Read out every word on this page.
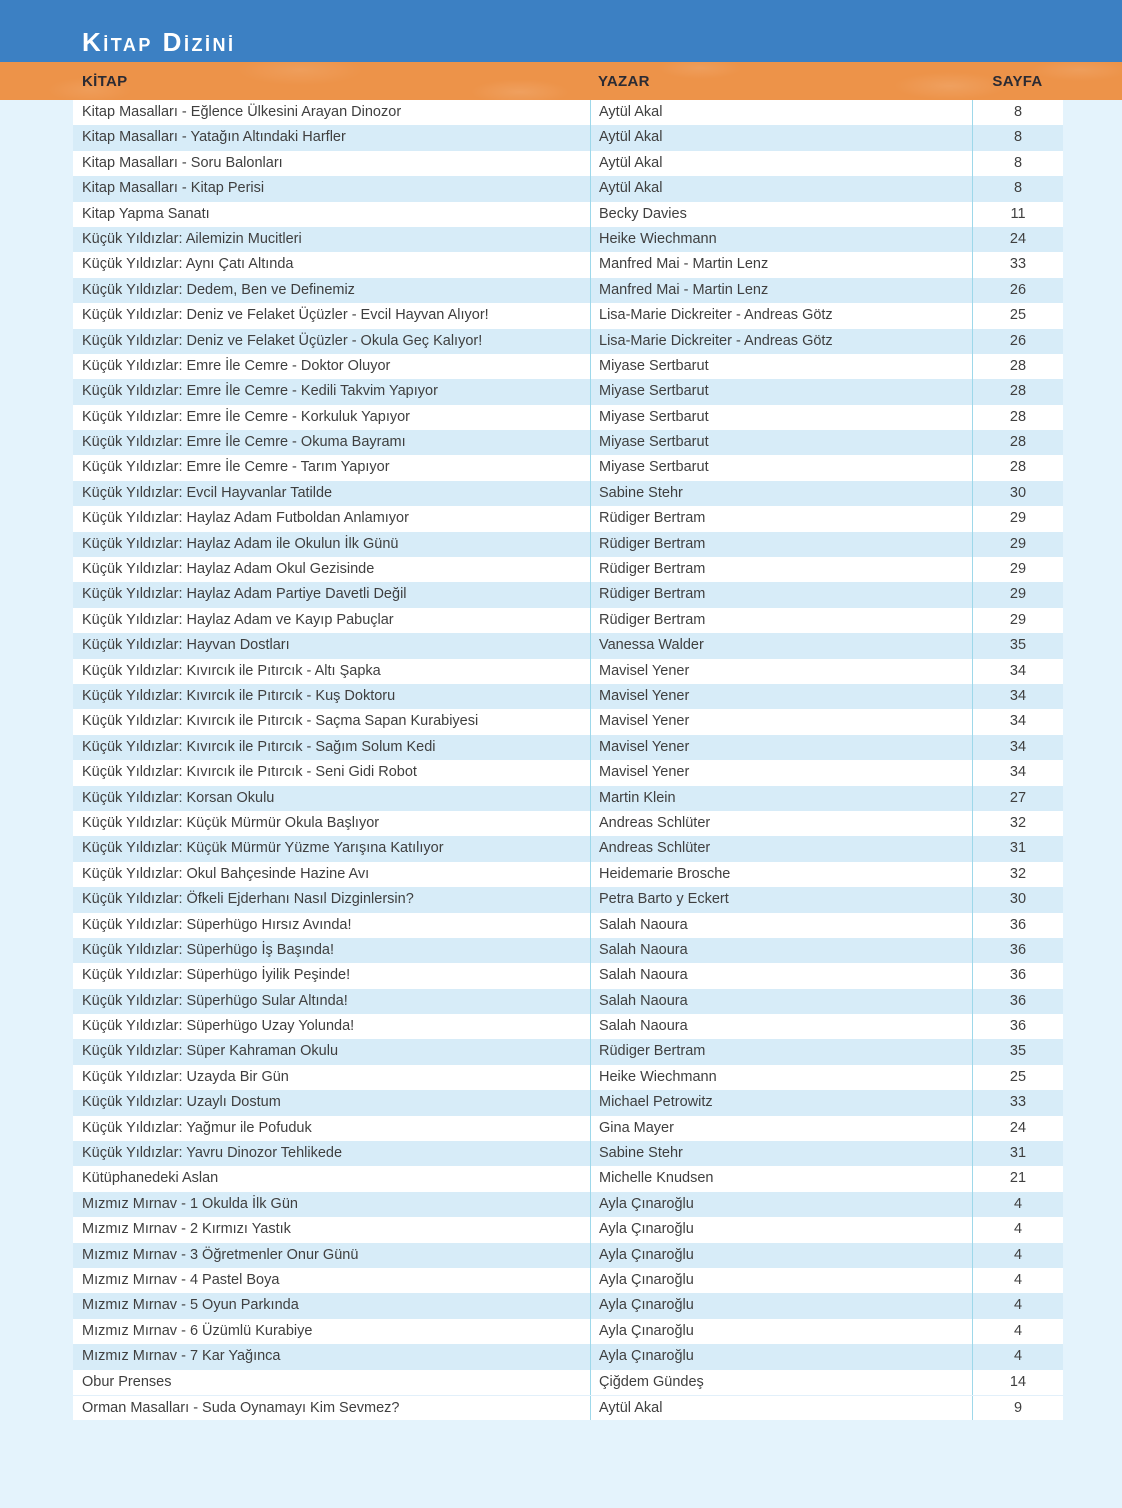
Kitap Dizini
KİTAP	YAZAR	SAYFA
Kitap Masalları - Eğlence Ülkesini Arayan Dinozor	Aytül Akal	8
Kitap Masalları - Yatağın Altındaki Harfler	Aytül Akal	8
Kitap Masalları - Soru Balonları	Aytül Akal	8
Kitap Masalları - Kitap Perisi	Aytül Akal	8
Kitap Yapma Sanatı	Becky Davies	11
Küçük Yıldızlar: Ailemizin Mucitleri	Heike Wiechmann	24
Küçük Yıldızlar: Aynı Çatı Altında	Manfred Mai - Martin Lenz	33
Küçük Yıldızlar: Dedem, Ben ve Definemiz	Manfred Mai - Martin Lenz	26
Küçük Yıldızlar: Deniz ve Felaket Üçüzler - Evcil Hayvan Alıyor!	Lisa-Marie Dickreiter - Andreas Götz	25
Küçük Yıldızlar: Deniz ve Felaket Üçüzler - Okula Geç Kalıyor!	Lisa-Marie Dickreiter - Andreas Götz	26
Küçük Yıldızlar: Emre İle Cemre - Doktor Oluyor	Miyase Sertbarut	28
Küçük Yıldızlar: Emre İle Cemre - Kedili Takvim Yapıyor	Miyase Sertbarut	28
Küçük Yıldızlar: Emre İle Cemre - Korkuluk Yapıyor	Miyase Sertbarut	28
Küçük Yıldızlar: Emre İle Cemre - Okuma Bayramı	Miyase Sertbarut	28
Küçük Yıldızlar: Emre İle Cemre - Tarım Yapıyor	Miyase Sertbarut	28
Küçük Yıldızlar: Evcil Hayvanlar Tatilde	Sabine Stehr	30
Küçük Yıldızlar: Haylaz Adam Futboldan Anlamıyor	Rüdiger Bertram	29
Küçük Yıldızlar: Haylaz Adam ile Okulun İlk Günü	Rüdiger Bertram	29
Küçük Yıldızlar: Haylaz Adam Okul Gezisinde	Rüdiger Bertram	29
Küçük Yıldızlar: Haylaz Adam Partiye Davetli Değil	Rüdiger Bertram	29
Küçük Yıldızlar: Haylaz Adam ve Kayıp Pabuçlar	Rüdiger Bertram	29
Küçük Yıldızlar: Hayvan Dostları	Vanessa Walder	35
Küçük Yıldızlar: Kıvırcık ile Pıtırcık - Altı Şapka	Mavisel Yener	34
Küçük Yıldızlar: Kıvırcık ile Pıtırcık - Kuş Doktoru	Mavisel Yener	34
Küçük Yıldızlar: Kıvırcık ile Pıtırcık - Saçma Sapan Kurabiyesi	Mavisel Yener	34
Küçük Yıldızlar: Kıvırcık ile Pıtırcık - Sağım Solum Kedi	Mavisel Yener	34
Küçük Yıldızlar: Kıvırcık ile Pıtırcık - Seni Gidi Robot	Mavisel Yener	34
Küçük Yıldızlar: Korsan Okulu	Martin Klein	27
Küçük Yıldızlar: Küçük Mürmür Okula Başlıyor	Andreas Schlüter	32
Küçük Yıldızlar: Küçük Mürmür Yüzme Yarışına Katılıyor	Andreas Schlüter	31
Küçük Yıldızlar: Okul Bahçesinde Hazine Avı	Heidemarie Brosche	32
Küçük Yıldızlar: Öfkeli Ejderhanı Nasıl Dizginlersin?	Petra Barto y Eckert	30
Küçük Yıldızlar: Süperhügo Hırsız Avında!	Salah Naoura	36
Küçük Yıldızlar: Süperhügo İş Başında!	Salah Naoura	36
Küçük Yıldızlar: Süperhügo İyilik Peşinde!	Salah Naoura	36
Küçük Yıldızlar: Süperhügo Sular Altında!	Salah Naoura	36
Küçük Yıldızlar: Süperhügo Uzay Yolunda!	Salah Naoura	36
Küçük Yıldızlar: Süper Kahraman Okulu	Rüdiger Bertram	35
Küçük Yıldızlar: Uzayda Bir Gün	Heike Wiechmann	25
Küçük Yıldızlar: Uzaylı Dostum	Michael Petrowitz	33
Küçük Yıldızlar: Yağmur ile Pofuduk	Gina Mayer	24
Küçük Yıldızlar: Yavru Dinozor Tehlikede	Sabine Stehr	31
Kütüphanedeki Aslan	Michelle Knudsen	21
Mızmız Mırnav - 1 Okulda İlk Gün	Ayla Çınaroğlu	4
Mızmız Mırnav - 2 Kırmızı Yastık	Ayla Çınaroğlu	4
Mızmız Mırnav - 3 Öğretmenler Onur Günü	Ayla Çınaroğlu	4
Mızmız Mırnav - 4 Pastel Boya	Ayla Çınaroğlu	4
Mızmız Mırnav - 5 Oyun Parkında	Ayla Çınaroğlu	4
Mızmız Mırnav - 6 Üzümlü Kurabiye	Ayla Çınaroğlu	4
Mızmız Mırnav - 7 Kar Yağınca	Ayla Çınaroğlu	4
Obur Prenses	Çiğdem Gündeş	14
Orman Masalları - Suda Oynamayı Kim Sevmez?	Aytül Akal	9
